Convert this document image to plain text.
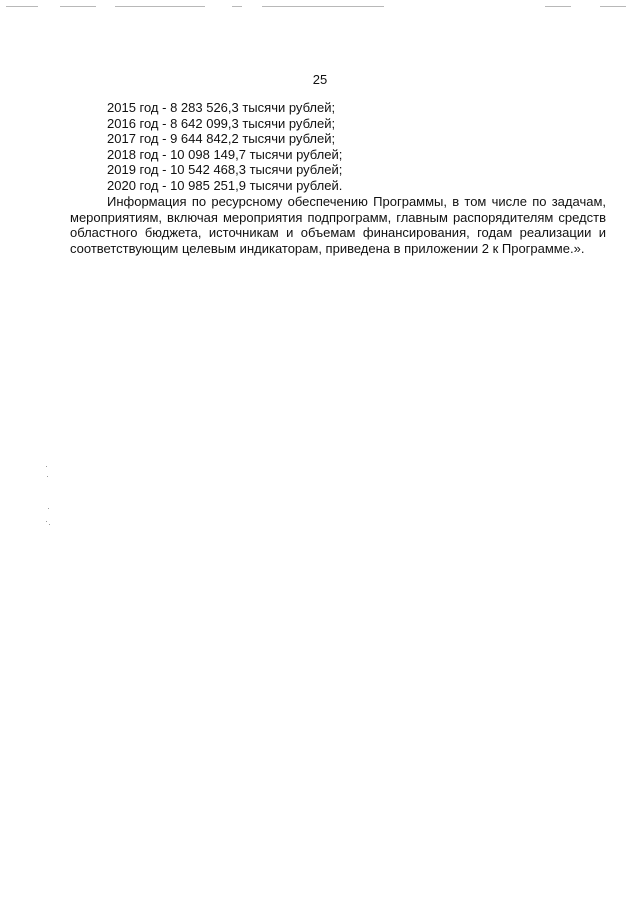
25
2015 год - 8 283 526,3 тысячи рублей;
2016 год - 8 642 099,3 тысячи рублей;
2017 год - 9 644 842,2 тысячи рублей;
2018 год - 10 098 149,7 тысячи рублей;
2019 год - 10 542 468,3 тысячи рублей;
2020 год - 10 985 251,9 тысячи рублей.

Информация по ресурсному обеспечению Программы, в том числе по задачам, мероприятиям, включая мероприятия подпрограмм, главным распорядителям средств областного бюджета, источникам и объемам финансирования, годам реализации и соответствующим целевым индикаторам, приведена в приложении 2 к Программе.».
